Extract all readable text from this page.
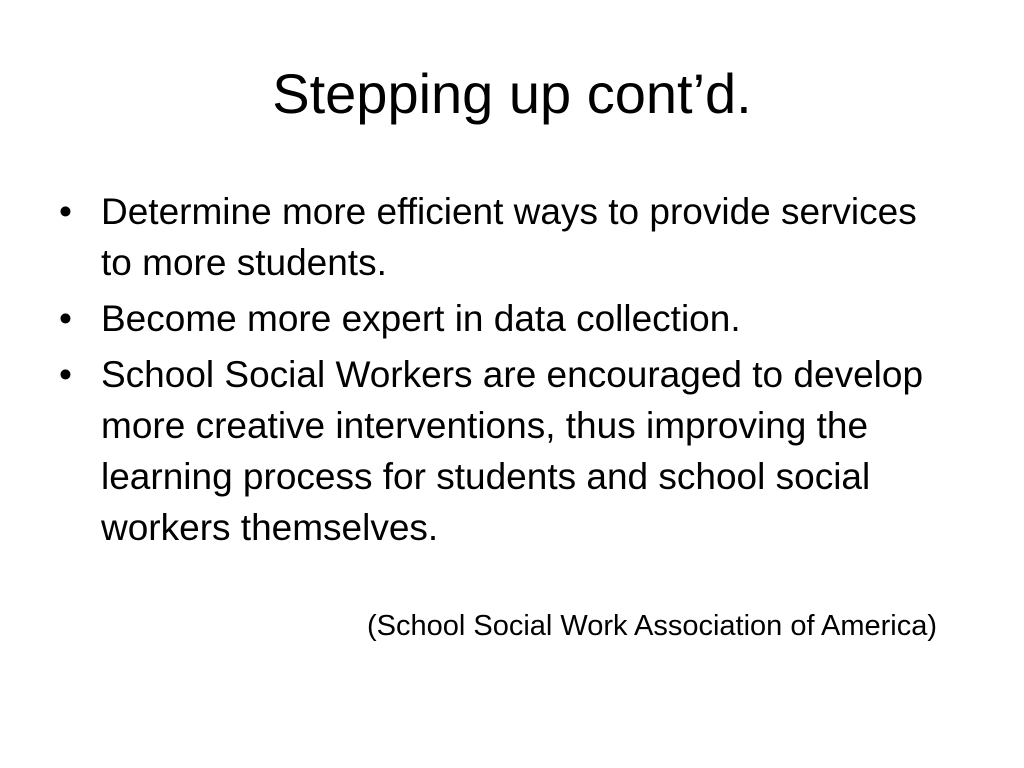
Stepping up cont’d.
• Determine more efficient ways to provide services to more students.
• Become more expert in data collection.
• School Social Workers are encouraged to develop more creative interventions, thus improving the learning process for students and school social workers themselves.
(School Social Work Association of America)
